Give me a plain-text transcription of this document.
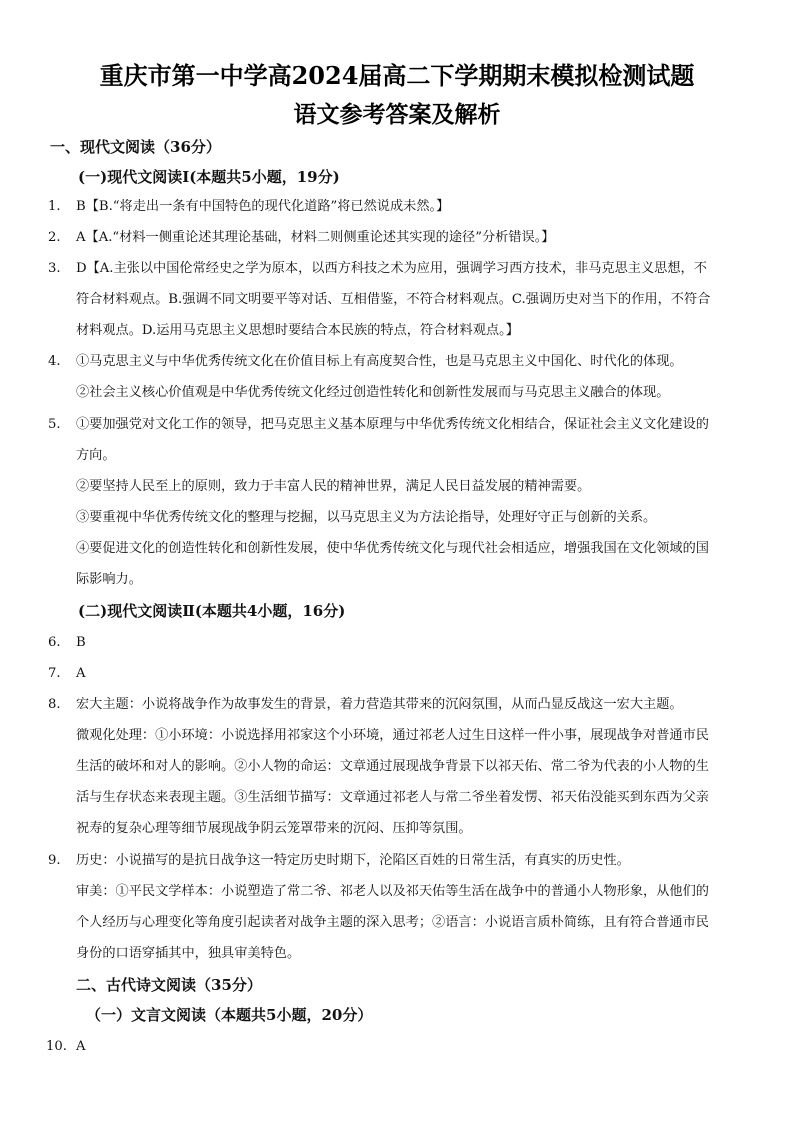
重庆市第一中学高2024届高二下学期期末模拟检测试题
语文参考答案及解析
一、现代文阅读（36分）
(一)现代文阅读Ⅰ(本题共5小题，19分)
1. B【B.“将走出一条有中国特色的现代化道路”将已然说成未然。】
2. A【A.“材料一侧重论述其理论基础，材料二则侧重论述其实现的途径”分析错误。】
3. D【A.主张以中国伦常经史之学为原本，以西方科技之术为应用，强调学习西方技术，非马克思主义思想，不
符合材料观点。B.强调不同文明要平等对话、互相借鉴，不符合材料观点。C.强调历史对当下的作用，不符合
材料观点。D.运用马克思主义思想时要结合本民族的特点，符合材料观点。】
4. ①马克思主义与中华优秀传统文化在价值目标上有高度契合性，也是马克思主义中国化、时代化的体现。
②社会主义核心价值观是中华优秀传统文化经过创造性转化和创新性发展而与马克思主义融合的体现。
5. ①要加强党对文化工作的领导，把马克思主义基本原理与中华优秀传统文化相结合，保证社会主义文化建设的
方向。
②要坚持人民至上的原则，致力于丰富人民的精神世界，满足人民日益发展的精神需要。
③要重视中华优秀传统文化的整理与挖掘，以马克思主义为方法论指导，处理好守正与创新的关系。
④要促进文化的创造性转化和创新性发展，使中华优秀传统文化与现代社会相适应，增强我国在文化领域的国
际影响力。
(二)现代文阅读Ⅱ(本题共4小题，16分)
6. B
7. A
8. 宏大主题：小说将战争作为故事发生的背景，着力营造其带来的沉闷氛围，从而凸显反战这一宏大主题。
微观化处理：①小环境：小说选择用祁家这个小环境，通过祁老人过生日这样一件小事，展现战争对普通市民
生活的破坏和对人的影响。②小人物的命运：文章通过展现战争背景下以祁天佑、常二爷为代表的小人物的生
活与生存状态来表现主题。③生活细节描写：文章通过祁老人与常二爷坐着发愣、祁天佑没能买到东西为父亲
祝寿的复杂心理等细节展现战争阴云笼罩带来的沉闷、压抑等氛围。
9. 历史：小说描写的是抗日战争这一特定历史时期下，沦陷区百姓的日常生活，有真实的历史性。
审美：①平民文学样本：小说塑造了常二爷、祁老人以及祁天佑等生活在战争中的普通小人物形象，从他们的
个人经历与心理变化等角度引起读者对战争主题的深入思考；②语言：小说语言质朴简练，且有符合普通市民
身份的口语穿插其中，独具审美特色。
二、古代诗文阅读（35分）
（一）文言文阅读（本题共5小题，20分）
10. A
